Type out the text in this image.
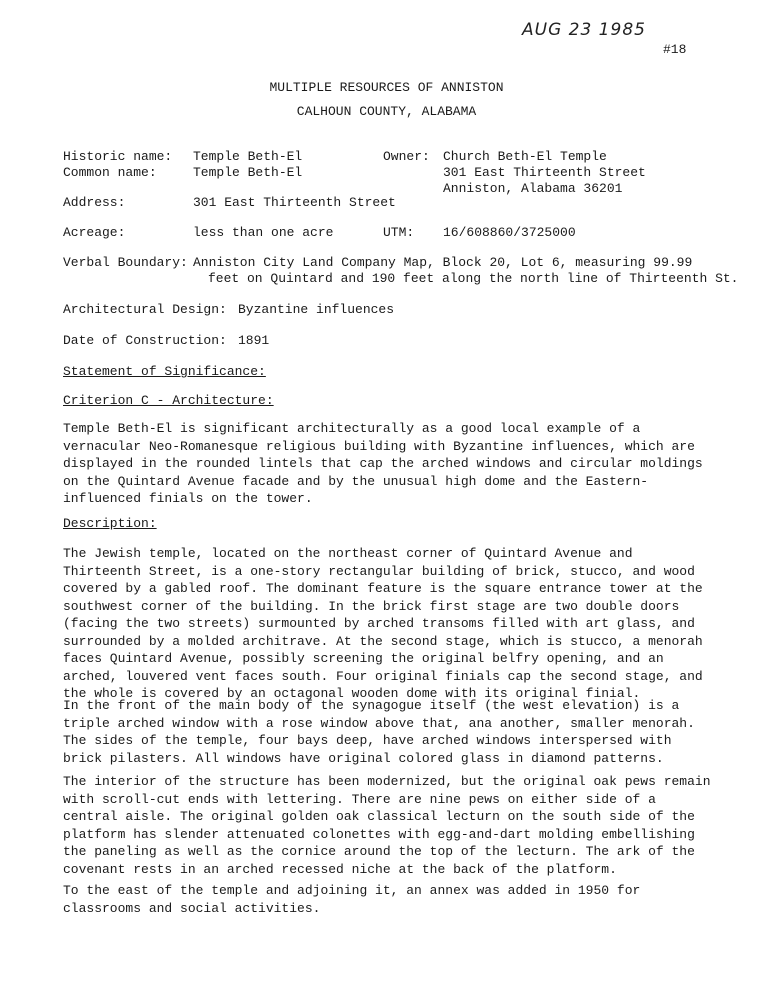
AUG 23 1985
#18
MULTIPLE RESOURCES OF ANNISTON
CALHOUN COUNTY, ALABAMA
Historic name: Temple Beth-El	Owner: Church Beth-El Temple
Common name:	Temple Beth-El	301 East Thirteenth Street
Anniston, Alabama 36201
Address:	301 East Thirteenth Street
Acreage:	less than one acre	UTM: 16/608860/3725000
Verbal Boundary: Anniston City Land Company Map, Block 20, Lot 6, measuring 99.99
feet on Quintard and 190 feet along the north line of Thirteenth St.
Architectural Design: Byzantine influences
Date of Construction: 1891
Statement of Significance:
Criterion C - Architecture:

Temple Beth-El is significant architecturally as a good local example of a vernacular Neo-Romanesque religious building with Byzantine influences, which are displayed in the rounded lintels that cap the arched windows and circular moldings on the Quintard Avenue facade and by the unusual high dome and the Eastern-influenced finials on the tower.

Description:

The Jewish temple, located on the northeast corner of Quintard Avenue and Thirteenth Street, is a one-story rectangular building of brick, stucco, and wood covered by a gabled roof. The dominant feature is the square entrance tower at the southwest corner of the building. In the brick first stage are two double doors (facing the two streets) surmounted by arched transoms filled with art glass, and surrounded by a molded architrave. At the second stage, which is stucco, a menorah faces Quintard Avenue, possibly screening the original belfry opening, and an arched, louvered vent faces south. Four original finials cap the second stage, and the whole is covered by an octagonal wooden dome with its original finial.

In the front of the main body of the synagogue itself (the west elevation) is a triple arched window with a rose window above that, ana another, smaller menorah. The sides of the temple, four bays deep, have arched windows interspersed with brick pilasters. All windows have original colored glass in diamond patterns.

The interior of the structure has been modernized, but the original oak pews remain with scroll-cut ends with lettering. There are nine pews on either side of a central aisle. The original golden oak classical lecturn on the south side of the platform has slender attenuated colonettes with egg-and-dart molding embellishing the paneling as well as the cornice around the top of the lecturn. The ark of the covenant rests in an arched recessed niche at the back of the platform.

To the east of the temple and adjoining it, an annex was added in 1950 for classrooms and social activities.
